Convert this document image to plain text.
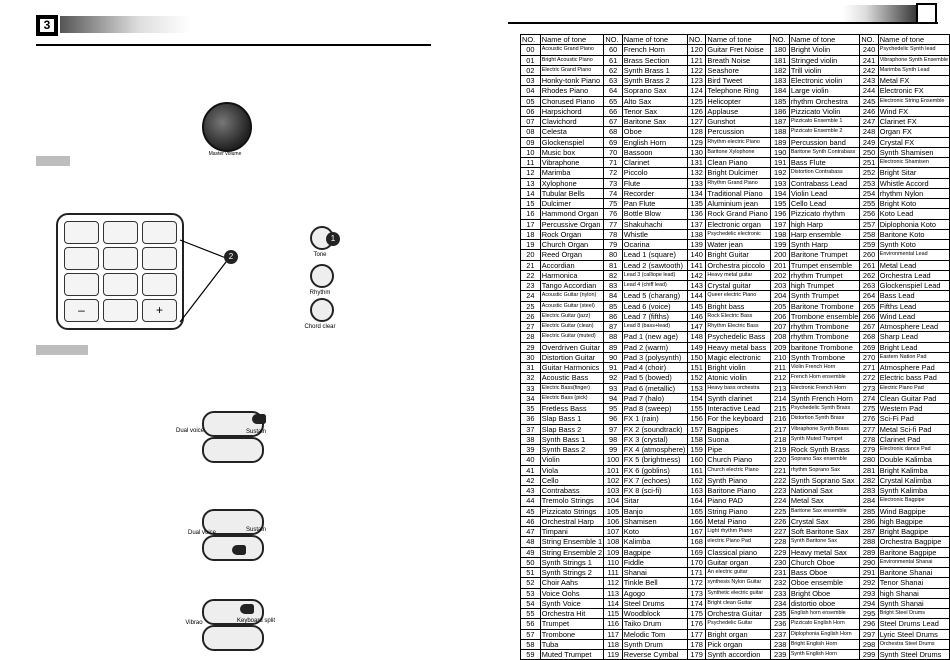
3
Master volume
–	+
2
1
Tone
Rhythm
Chord clear
Dual voice	Sustain
Dual voice	Sustain
Vibrao	Keyboard split
NO.	Name of tone	NO.	Name of tone	NO.	Name of tone	NO.	Name of tone	NO.	Name of tone
00	Acoustic Grand Piano	60	French Horn	120	Guitar Fret Noise	180	Bright Violin	240	Psychedelic Synth lead
01	Bright Acoustic Piano	61	Brass Section	121	Breath Noise	181	Stringed violin	241	Vibraphone Synth Ensemble
02	Electric Grand Piano	62	Synth Brass 1	122	Seashore	182	Trill violin	242	Marimba Synth Lead
03	Honky-tonk Piano	63	Synth Brass 2	123	Bird Tweet	183	Electronic violin	243	Metal FX
04	Rhodes Piano	64	Soprano Sax	124	Telephone Ring	184	Large violin	244	Electronic FX
05	Chorused Piano	65	Alto Sax	125	Helicopter	185	rhythm Orchestra	245	Electronic String Ensemble
06	Harpsichord	66	Tenor Sax	126	Applause	186	Pizzicato Violin	246	Wind FX
07	Clavichord	67	Baritone Sax	127	Gunshot	187	Pizzicato Ensemble 1	247	Clarinet FX
08	Celesta	68	Oboe	128	Percussion	188	Pizzicato Ensemble 2	248	Organ FX
09	Glockenspiel	69	English Horn	129	Rhythm electric Piano	189	Percussion band	249	Crystal FX
10	Music box	70	Bassoon	130	Baritone Xylophone	190	Baritone Synth Contrabass	250	Synth Shamisen
11	Vibraphone	71	Clarinet	131	Clean Piano	191	Bass Flute	251	Electronic Shamisen
12	Marimba	72	Piccolo	132	Bright Dulcimer	192	Distortion Contrabass	252	Bright Sitar
13	Xylophone	73	Flute	133	Rhythm Grand Piano	193	Contrabass Lead	253	Whistle Accord
14	Tubular Bells	74	Recorder	134	Traditional Piano	194	Violin Lead	254	rhythm Nylon
15	Dulcimer	75	Pan Flute	135	Aluminium jean	195	Cello Lead	255	Bright Koto
16	Hammond Organ	76	Bottle Blow	136	Rock Grand Piano	196	Pizzicato rhythm	256	Koto Lead
17	Percussive Organ	77	Shakuhachi	137	Electronic organ	197	high Harp	257	Diplophonia Koto
18	Rock Organ	78	Whistle	138	Psychedelic electronic	198	Harp ensemble	258	Baritone Koto
19	Church Organ	79	Ocarina	139	Water jean	199	Synth Harp	259	Synth Koto
20	Reed Organ	80	Lead 1 (square)	140	Bright Guitar	200	Baritone Trumpet	260	Environmental Lead
21	Accordian	81	Lead 2 (sawtooth)	141	Orchestra piccolo	201	Trumpet ensemble	261	Metal Lead
22	Harmonica	82	Lead 3 (calliope lead)	142	Heavy metal guitar	202	rhythm Trumpet	262	Orchestra Lead
23	Tango Accordian	83	Lead 4 (chiff lead)	143	Crystal guitar	203	high Trumpet	263	Glockenspiel Lead
24	Acoustic Guitar (nylon)	84	Lead 5 (charang)	144	Queer electric Piano	204	Synth Trumpet	264	Bass Lead
25	Acoustic Guitar (steel)	85	Lead 6 (voice)	145	Bright bass	205	Baritone Trombone	265	Fifths Lead
26	Electric Guitar (jazz)	86	Lead 7 (fifths)	146	Rock Electric Bass	206	Trombone ensemble	266	Wind Lead
27	Electric Guitar (clean)	87	Lead 8 (bass+lead)	147	Rhythm Electric Bass	207	rhythm Trombone	267	Atmosphere Lead
28	Electric Guitar (muted)	88	Pad 1 (new age)	148	Psychedelic Bass	208	rhythm Trombone	268	Sharp Lead
29	Overdriven Guitar	89	Pad 2 (warm)	149	Heavy metal bass	209	baritone Trombone	269	Bright Lead
30	Distortion Guitar	90	Pad 3 (polysynth)	150	Magic electronic	210	Synth Trombone	270	Eastern Nation Pad
31	Guitar Harmonics	91	Pad 4 (choir)	151	Bright violin	211	Violin French Horn	271	Atmosphere Pad
32	Acoustic Bass	92	Pad 5 (bowed)	152	Atonic violin	212	French Horn ensemble	272	Electric bass Pad
33	Electric Bass(finger)	93	Pad 6 (metallic)	153	Heavy bass orchestra	213	Electronic French Horn	273	Electric Piano Pad
34	Electric Bass (pick)	94	Pad 7 (halo)	154	Synth clarinet	214	Synth French Horn	274	Clean Guitar Pad
35	Fretless Bass	95	Pad 8 (sweep)	155	Interactive Lead	215	Psychedelic Synth Brass	275	Western Pad
36	Slap Bass 1	96	FX 1 (rain)	156	For the keyboard	216	Distortion Synth Brass	276	Sci-Fi Pad
37	Slap Bass 2	97	FX 2 (soundtrack)	157	Bagpipes	217	Vibraphone Synth Brass	277	Metal Sci-fi Pad
38	Synth Bass 1	98	FX 3 (crystal)	158	Suona	218	Synth Muted Trumpet	278	Clarinet Pad
39	Synth Bass 2	99	FX 4 (atmosphere)	159	Pipe	219	Rock Synth Brass	279	Electronic dance Pad
40	Violin	100	FX 5 (brightness)	160	Church Piano	220	Soprano Sax ensemble	280	Double Kalimba
41	Viola	101	FX 6 (goblins)	161	Church electric Piano	221	rhythm Soprano Sax	281	Bright Kalimba
42	Cello	102	FX 7 (echoes)	162	Synth Piano	222	Synth Soprano Sax	282	Crystal Kalimba
43	Contrabass	103	FX 8 (sci-fi)	163	Baritone Piano	223	National Sax	283	Synth Kalimba
44	Tremolo Strings	104	Sitar	164	Piano PAD	224	Metal Sax	284	Electronic Bagpipe
45	Pizzicato Strings	105	Banjo	165	String Piano	225	Baritone Sax ensemble	285	Wind Bagpipe
46	Orchestral Harp	106	Shamisen	166	Metal Piano	226	Crystal Sax	286	high Bagpipe
47	Timpani	107	Koto	167	Light rhythm Piano	227	Soft Baritone Sax	287	Bright Bagpipe
48	String Ensemble 1	108	Kalimba	168	electric Piano Pad	228	Synth Baritone Sax	288	Orchestra Bagpipe
49	String Ensemble 2	109	Bagpipe	169	Classical piano	229	Heavy metal Sax	289	Baritone Bagpipe
50	Synth Strings 1	110	Fiddle	170	Guitar organ	230	Church Oboe	290	Environmental Shanai
51	Synth Strings 2	111	Shanai	171	An electric guitar	231	Bass Oboe	291	Baritone Shanai
52	Choir Aahs	112	Tinkle Bell	172	synthesis Nylon Guitar	232	Oboe ensemble	292	Tenor Shanai
53	Voice Oohs	113	Agogo	173	Synthetic electric guitar	233	Bright Oboe	293	high Shanai
54	Synth Voice	114	Steel Drums	174	Bright clean Guitar	234	distortio oboe	294	Synth Shanai
55	Orchestra Hit	115	Woodblock	175	Orchestra Guitar	235	English horn ensemble	295	Bright Steel Drums
56	Trumpet	116	Taiko Drum	176	Psychedelic Guitar	236	Pizzicato English Horn	296	Steel Drums Lead
57	Trombone	117	Melodic Tom	177	Bright organ	237	Diplophonia English Horn	297	Lyric Steel Drums
58	Tuba	118	Synth Drum	178	Pick organ	238	Bright English Horn	298	Orchestra Steel Drums
59	Muted Trumpet	119	Reverse Cymbal	179	Synth accordion	239	Synth English Horn	299	Synth Steel Drums
